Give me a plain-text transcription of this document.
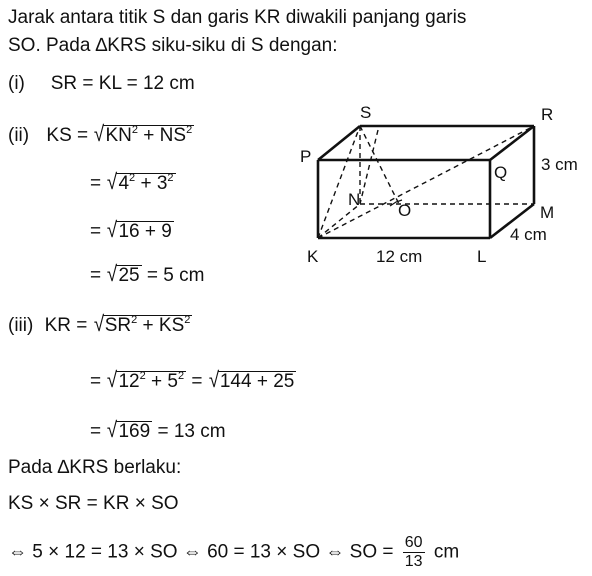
Jarak antara titik S dan garis KR diwakili panjang garis
SO. Pada ∆KRS siku-siku di S dengan:
(i) SR = KL = 12 cm
(ii) KS = $√KN^2 + NS^2$
= $√4^2 + 3^2$
= √16 + 9
= √25 = 5 cm
(iii) KR = $√SR^2 + KS^2$
= $√12^2 + 5^2 = √144 + 25$
= √169 = 13 cm
Pada ∆KRS berlaku:
KS × SR = KR × SO
⇔ 5 × 12 = 13 × SO ⇔ 60 = 13 × SO ⇔ SO = $\frac{60}{13}$ cm
S	R
P
Q
N
O	M
K	L
3 cm
4 cm
12 cm
